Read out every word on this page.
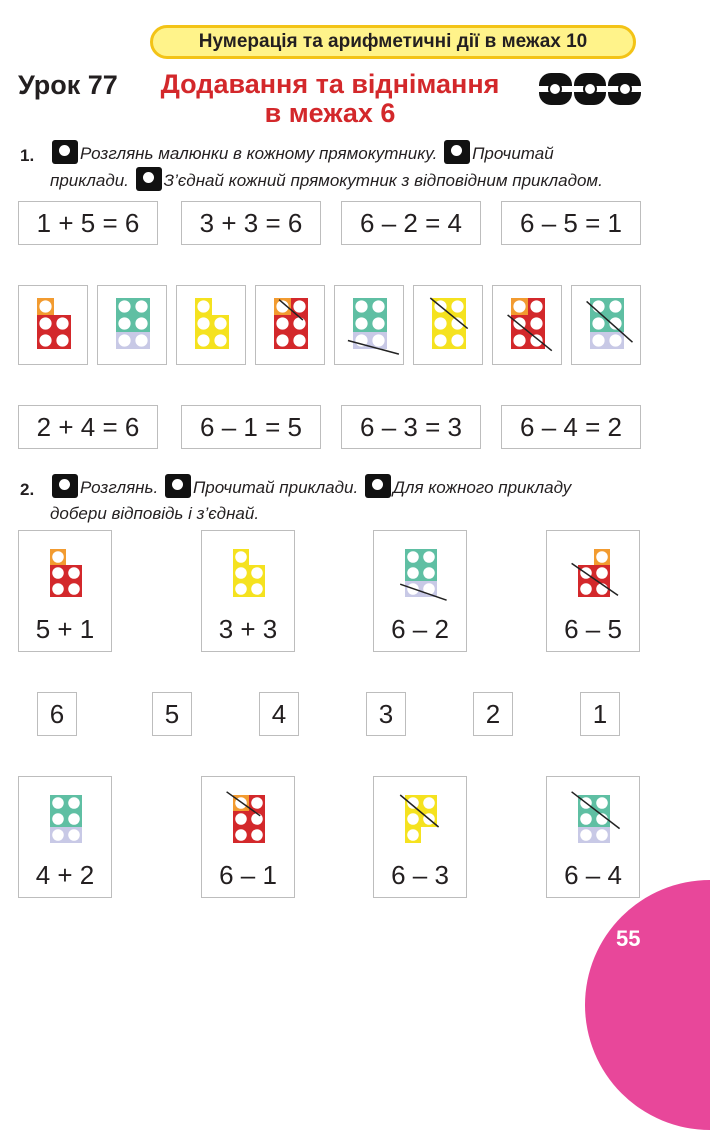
Нумерація та арифметичні дії в межах 10
Урок 77	Додавання та віднімання
в межах 6
1.	Розглянь малюнки в кожному прямокутнику. Прочитай
приклади. З’єднай кожний прямокутник з відповідним прикладом.
1 + 5 = 6	3 + 3 = 6	6 – 2 = 4	6 – 5 = 1
2 + 4 = 6	6 – 1 = 5	6 – 3 = 3	6 – 4 = 2
2.	Розглянь. Прочитай приклади. Для кожного прикладу
добери відповідь і з’єднай.
5 + 1	3 + 3	6 – 2	6 – 5
6	5	4	3	2	1
4 + 2	6 – 1	6 – 3	6 – 4
55
